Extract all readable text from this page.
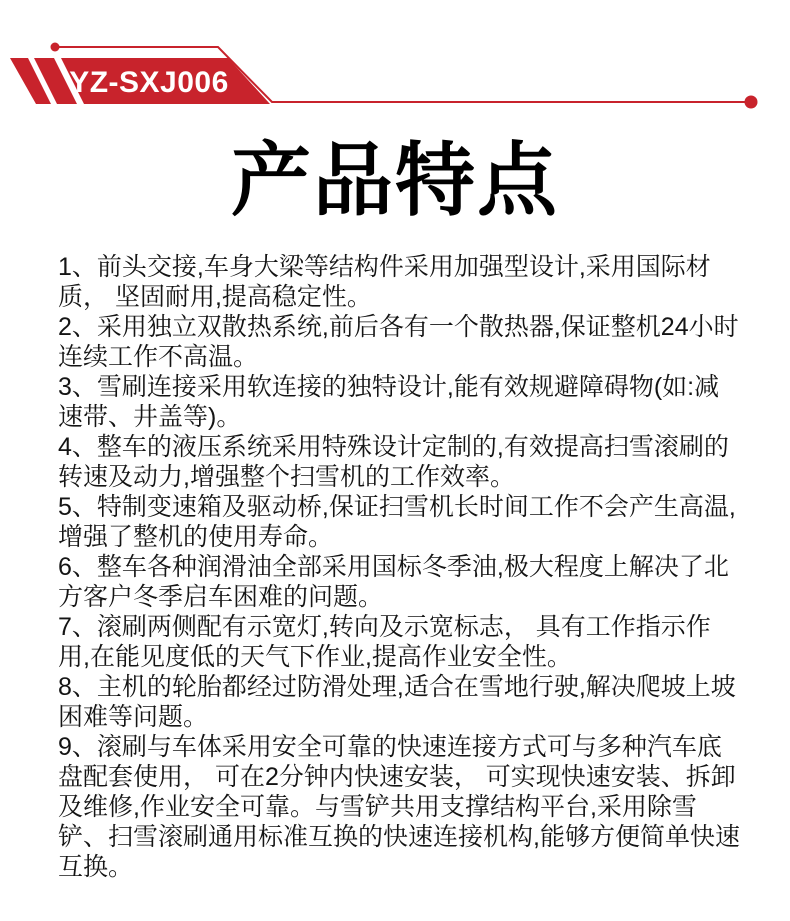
YZ-SXJ006
产品特点

1、前头交接,车身大梁等结构件采用加强型设计,采用国际材质， 坚固耐用,提高稳定性。

2、采用独立双散热系统,前后各有一个散热器,保证整机24小时连续工作不高温。

3、雪刷连接采用软连接的独特设计,能有效规避障碍物(如:减速带、井盖等)。

4、整车的液压系统采用特殊设计定制的,有效提高扫雪滚刷的转速及动力,增强整个扫雪机的工作效率。

5、特制变速箱及驱动桥,保证扫雪机长时间工作不会产生高温,增强了整机的使用寿命。

6、整车各种润滑油全部采用国标冬季油,极大程度上解决了北方客户冬季启车困难的问题。

7、滚刷两侧配有示宽灯,转向及示宽标志， 具有工作指示作用,在能见度低的天气下作业,提高作业安全性。

8、主机的轮胎都经过防滑处理,适合在雪地行驶,解决爬坡上坡困难等问题。

9、滚刷与车体采用安全可靠的快速连接方式可与多种汽车底盘配套使用， 可在2分钟内快速安装， 可实现快速安装、拆卸及维修,作业安全可靠。与雪铲共用支撑结构平台,采用除雪铲、扫雪滚刷通用标准互换的快速连接机构,能够方便简单快速互换。
